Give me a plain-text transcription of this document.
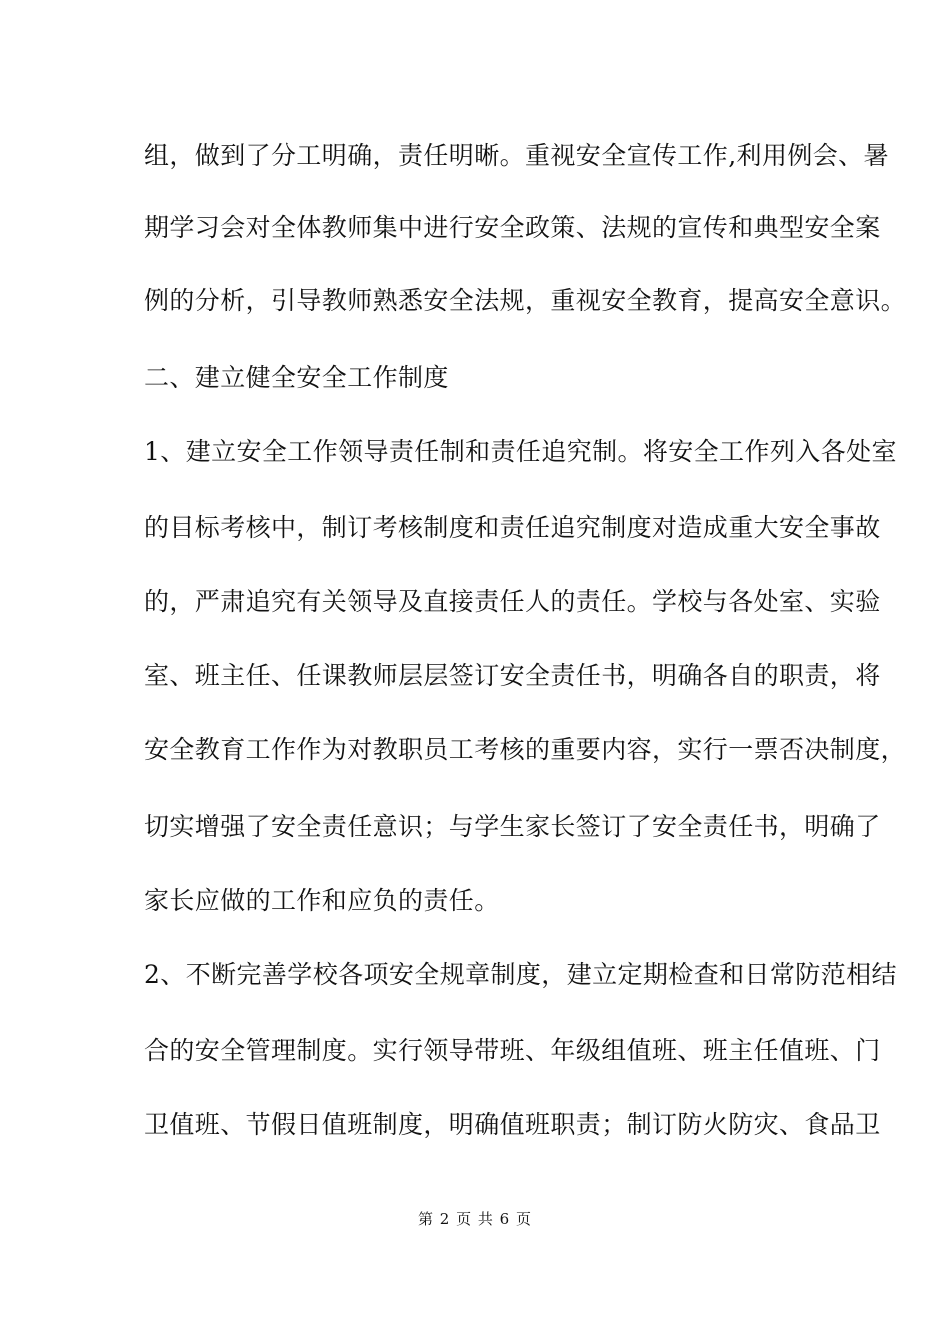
组，做到了分工明确，责任明晰。重视安全宣传工作,利用例会、暑
期学习会对全体教师集中进行安全政策、法规的宣传和典型安全案
例的分析，引导教师熟悉安全法规，重视安全教育，提高安全意识。
二、建立健全安全工作制度
1、建立安全工作领导责任制和责任追究制。将安全工作列入各处室
的目标考核中，制订考核制度和责任追究制度对造成重大安全事故
的，严肃追究有关领导及直接责任人的责任。学校与各处室、实验
室、班主任、任课教师层层签订安全责任书，明确各自的职责，将
安全教育工作作为对教职员工考核的重要内容，实行一票否决制度，
切实增强了安全责任意识；与学生家长签订了安全责任书，明确了
家长应做的工作和应负的责任。
2、不断完善学校各项安全规章制度，建立定期检查和日常防范相结
合的安全管理制度。实行领导带班、年级组值班、班主任值班、门
卫值班、节假日值班制度，明确值班职责；制订防火防灾、食品卫
第 2 页 共 6 页
